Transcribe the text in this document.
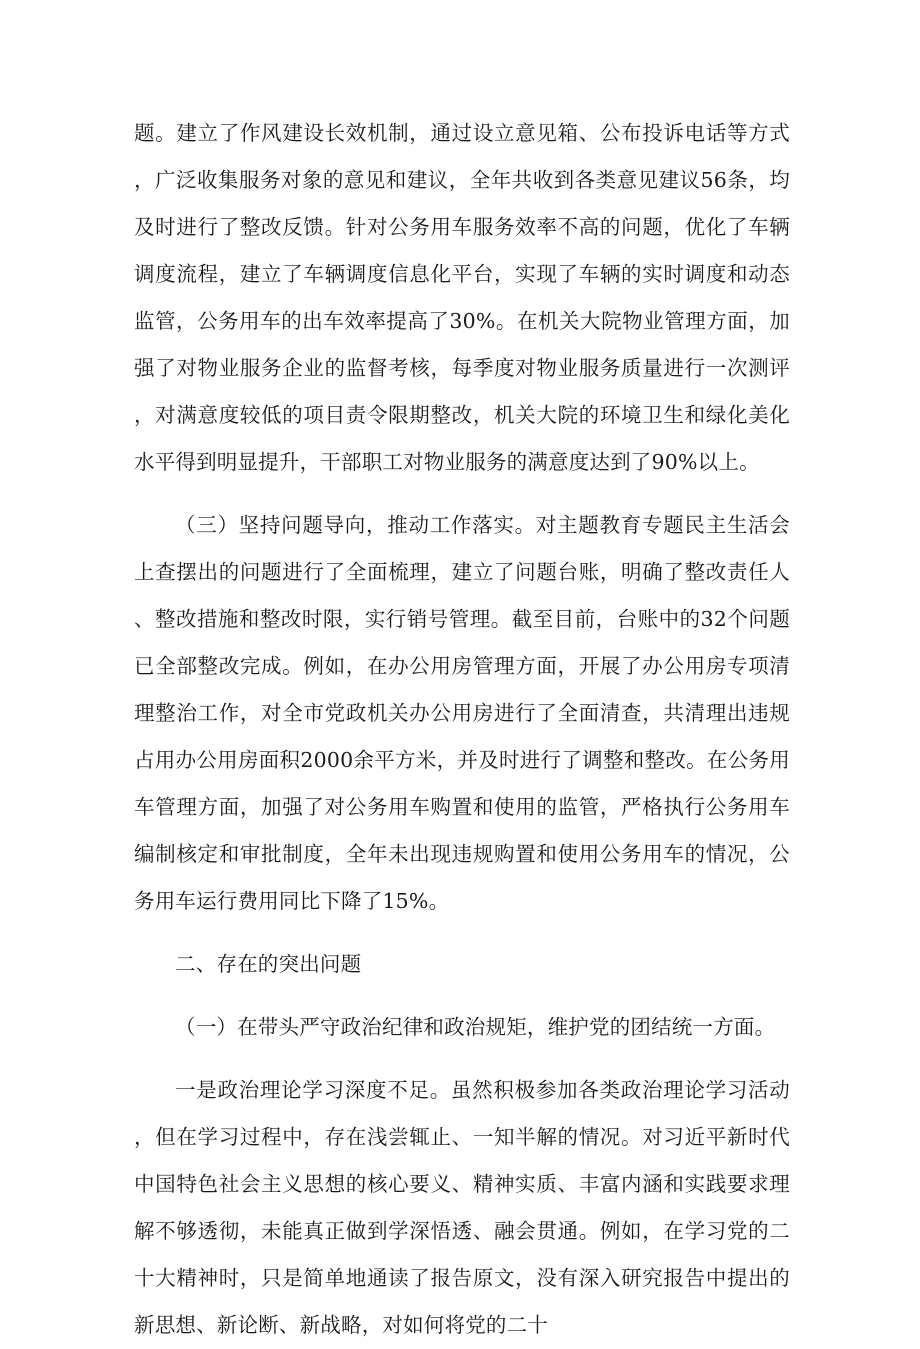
题。建立了作风建设长效机制，通过设立意见箱、公布投诉电话等方式，广泛收集服务对象的意见和建议，全年共收到各类意见建议56条，均及时进行了整改反馈。针对公务用车服务效率不高的问题，优化了车辆调度流程，建立了车辆调度信息化平台，实现了车辆的实时调度和动态监管，公务用车的出车效率提高了30%。在机关大院物业管理方面，加强了对物业服务企业的监督考核，每季度对物业服务质量进行一次测评，对满意度较低的项目责令限期整改，机关大院的环境卫生和绿化美化水平得到明显提升，干部职工对物业服务的满意度达到了90%以上。

（三）坚持问题导向，推动工作落实。对主题教育专题民主生活会上查摆出的问题进行了全面梳理，建立了问题台账，明确了整改责任人、整改措施和整改时限，实行销号管理。截至目前，台账中的32个问题已全部整改完成。例如，在办公用房管理方面，开展了办公用房专项清理整治工作，对全市党政机关办公用房进行了全面清查，共清理出违规占用办公用房面积2000余平方米，并及时进行了调整和整改。在公务用车管理方面，加强了对公务用车购置和使用的监管，严格执行公务用车编制核定和审批制度，全年未出现违规购置和使用公务用车的情况，公务用车运行费用同比下降了15%。

二、存在的突出问题

（一）在带头严守政治纪律和政治规矩，维护党的团结统一方面。

一是政治理论学习深度不足。虽然积极参加各类政治理论学习活动，但在学习过程中，存在浅尝辄止、一知半解的情况。对习近平新时代中国特色社会主义思想的核心要义、精神实质、丰富内涵和实践要求理解不够透彻，未能真正做到学深悟透、融会贯通。例如，在学习党的二十大精神时，只是简单地通读了报告原文，没有深入研究报告中提出的新思想、新论断、新战略，对如何将党的二十
